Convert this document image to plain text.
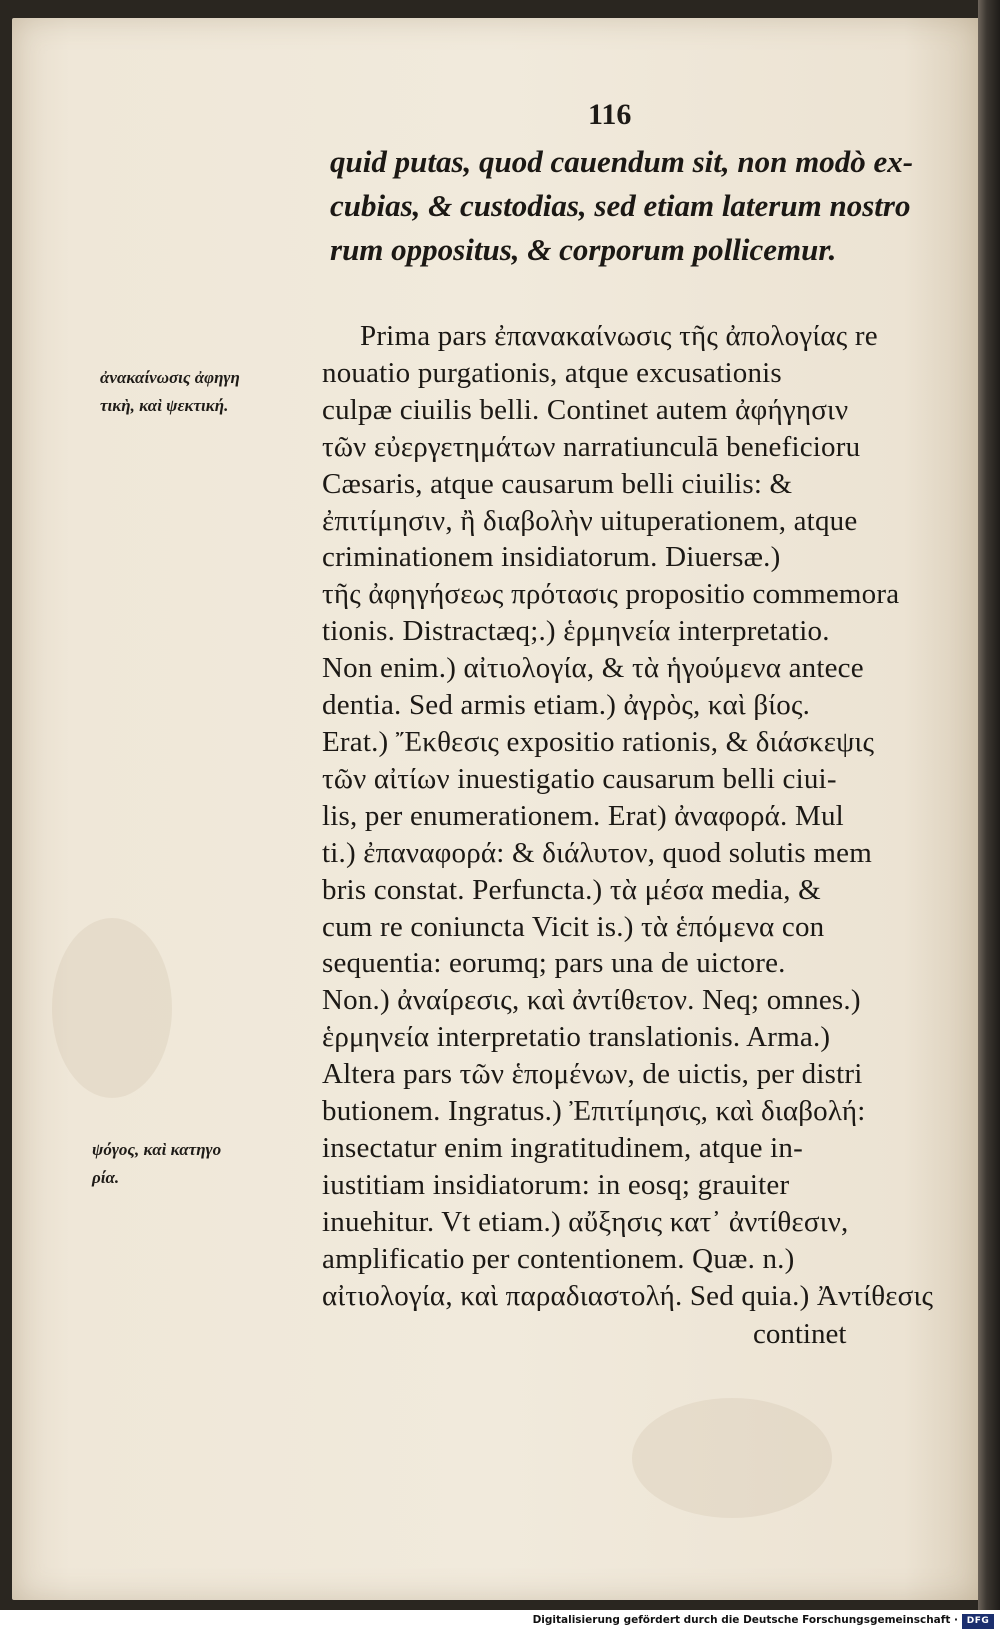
116
quid putas, quod cauendum sit, non modò ex-
cubias, & custodias, sed etiam laterum nostro
rum oppositus, & corporum pollicemur.
ἀνακαίνωσις ἀφηγη
τικὴ, καὶ ψεκτική.
ψόγος, καὶ κατηγο
ρία.
Prima pars ἐπανακαίνωσις τῆς ἀπολογίας re
nouatio purgationis, atque excusationis
culpæ ciuilis belli. Continet autem ἀφήγησιν
τῶν εὐεργετημάτων narratiunculā beneficioru
Cæsaris, atque causarum belli ciuilis: &
ἐπιτίμησιν, ἢ διαβολὴν uituperationem, atque
criminationem insidiatorum. Diuersæ.)
τῆς ἀφηγήσεως πρότασις propositio commemora
tionis. Distractæq;.) ἑρμηνεία interpretatio.
Non enim.) αἰτιολογία, & τὰ ἡγούμενα antece
dentia. Sed armis etiam.) ἀγρὸς, καὶ βίος.
Erat.) Ἔκθεσις expositio rationis, & διάσκεψις
τῶν αἰτίων inuestigatio causarum belli ciui-
lis, per enumerationem. Erat) ἀναφορά. Mul
ti.) ἐπαναφορά: & διάλυτον, quod solutis mem
bris constat. Perfuncta.) τὰ μέσα media, &
cum re coniuncta Vicit is.) τὰ ἑπόμενα con
sequentia: eorumq; pars una de uictore.
Non.) ἀναίρεσις, καὶ ἀντίθετον. Neq; omnes.)
ἑρμηνεία interpretatio translationis. Arma.)
Altera pars τῶν ἑπομένων, de uictis, per distri
butionem. Ingratus.) Ἐπιτίμησις, καὶ διαβολή:
insectatur enim ingratitudinem, atque in-
iustitiam insidiatorum: in eosq; grauiter
inuehitur. Vt etiam.) αὔξησις κατ᾽ ἀντίθεσιν,
amplificatio per contentionem. Quæ. n.)
αἰτιολογία, καὶ παραδιαστολή. Sed quia.) Ἀντίθεσις
continet
Digitalisierung gefördert durch die Deutsche Forschungsgemeinschaft · DFG
